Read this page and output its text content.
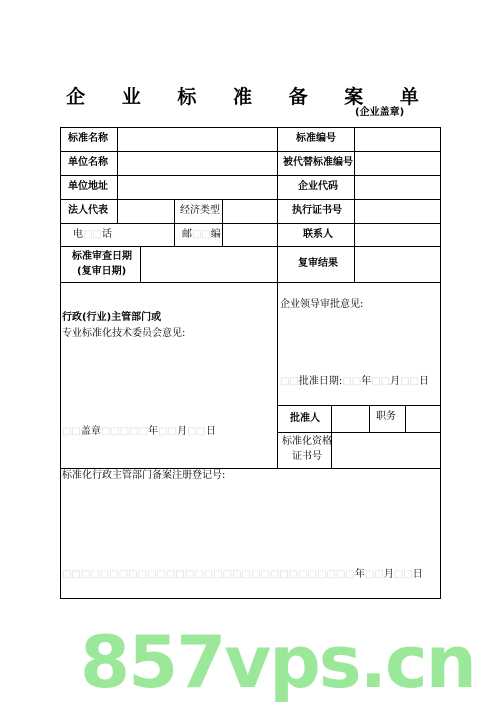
企 业 标 准 备 案 单
(企业盖章)
标准名称	标准编号
单位名称	被代替标准编号
单位地址	企业代码
法人代表	经济类型	执行证书号
电□□话	邮□□编	联系人
标准审查日期
(复审日期)
复审结果
行政(行业)主管部门或
专业标准化技术委员会意见:
□□盖章□□□□□年□□月□□日
企业领导审批意见:
□□批准日期:□□年□□月□□日
批准人	职务
标准化资格
证书号
标准化行政主管部门备案注册登记号:
□□□□□□□□□□□□□□□□□□□□□□□□□□□□□□□年□□月□□日
857vps.cn
